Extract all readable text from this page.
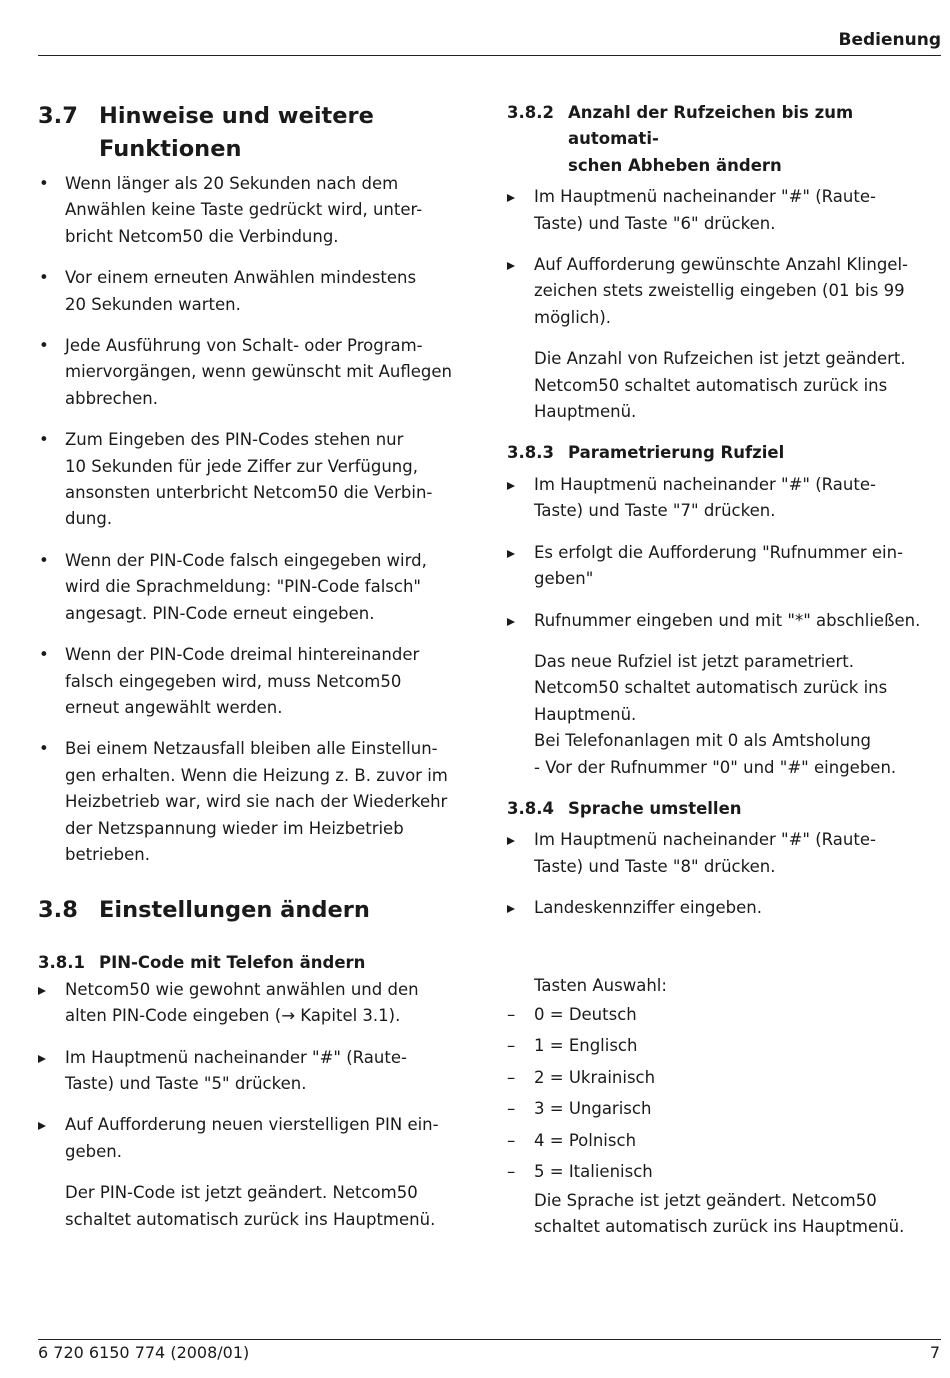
Bedienung
3.7 Hinweise und weitere
Funktionen
• Wenn länger als 20 Sekunden nach dem
Anwählen keine Taste gedrückt wird, unter-
bricht Netcom50 die Verbindung.
• Vor einem erneuten Anwählen mindestens
20 Sekunden warten.
• Jede Ausführung von Schalt- oder Program-
miervorgängen, wenn gewünscht mit Auflegen
abbrechen.
• Zum Eingeben des PIN-Codes stehen nur
10 Sekunden für jede Ziffer zur Verfügung,
ansonsten unterbricht Netcom50 die Verbin-
dung.
• Wenn der PIN-Code falsch eingegeben wird,
wird die Sprachmeldung: "PIN-Code falsch"
angesagt. PIN-Code erneut eingeben.
• Wenn der PIN-Code dreimal hintereinander
falsch eingegeben wird, muss Netcom50
erneut angewählt werden.
• Bei einem Netzausfall bleiben alle Einstellun-
gen erhalten. Wenn die Heizung z. B. zuvor im
Heizbetrieb war, wird sie nach der Wiederkehr
der Netzspannung wieder im Heizbetrieb
betrieben.
3.8 Einstellungen ändern
3.8.1 PIN-Code mit Telefon ändern
Netcom50 wie gewohnt anwählen und den
alten PIN-Code eingeben (→ Kapitel 3.1).
Im Hauptmenü nacheinander "#" (Raute-
Taste) und Taste "5" drücken.
Auf Aufforderung neuen vierstelligen PIN ein-
geben.
Der PIN-Code ist jetzt geändert. Netcom50
schaltet automatisch zurück ins Hauptmenü.
3.8.2 Anzahl der Rufzeichen bis zum automati-
schen Abheben ändern
Im Hauptmenü nacheinander "#" (Raute-
Taste) und Taste "6" drücken.
Auf Aufforderung gewünschte Anzahl Klingel-
zeichen stets zweistellig eingeben (01 bis 99
möglich).
Die Anzahl von Rufzeichen ist jetzt geändert.
Netcom50 schaltet automatisch zurück ins
Hauptmenü.
3.8.3 Parametrierung Rufziel
Im Hauptmenü nacheinander "#" (Raute-
Taste) und Taste "7" drücken.
Es erfolgt die Aufforderung "Rufnummer ein-
geben"
Rufnummer eingeben und mit "*" abschließen.
Das neue Rufziel ist jetzt parametriert.
Netcom50 schaltet automatisch zurück ins
Hauptmenü.
Bei Telefonanlagen mit 0 als Amtsholung
- Vor der Rufnummer "0" und "#" eingeben.
3.8.4 Sprache umstellen
Im Hauptmenü nacheinander "#" (Raute-
Taste) und Taste "8" drücken.
Landeskennziffer eingeben.
Tasten Auswahl:
–	0 = Deutsch
–	1 = Englisch
–	2 = Ukrainisch
–	3 = Ungarisch
–	4 = Polnisch
–	5 = Italienisch
Die Sprache ist jetzt geändert. Netcom50
schaltet automatisch zurück ins Hauptmenü.
6 720 6150 774 (2008/01)	7
